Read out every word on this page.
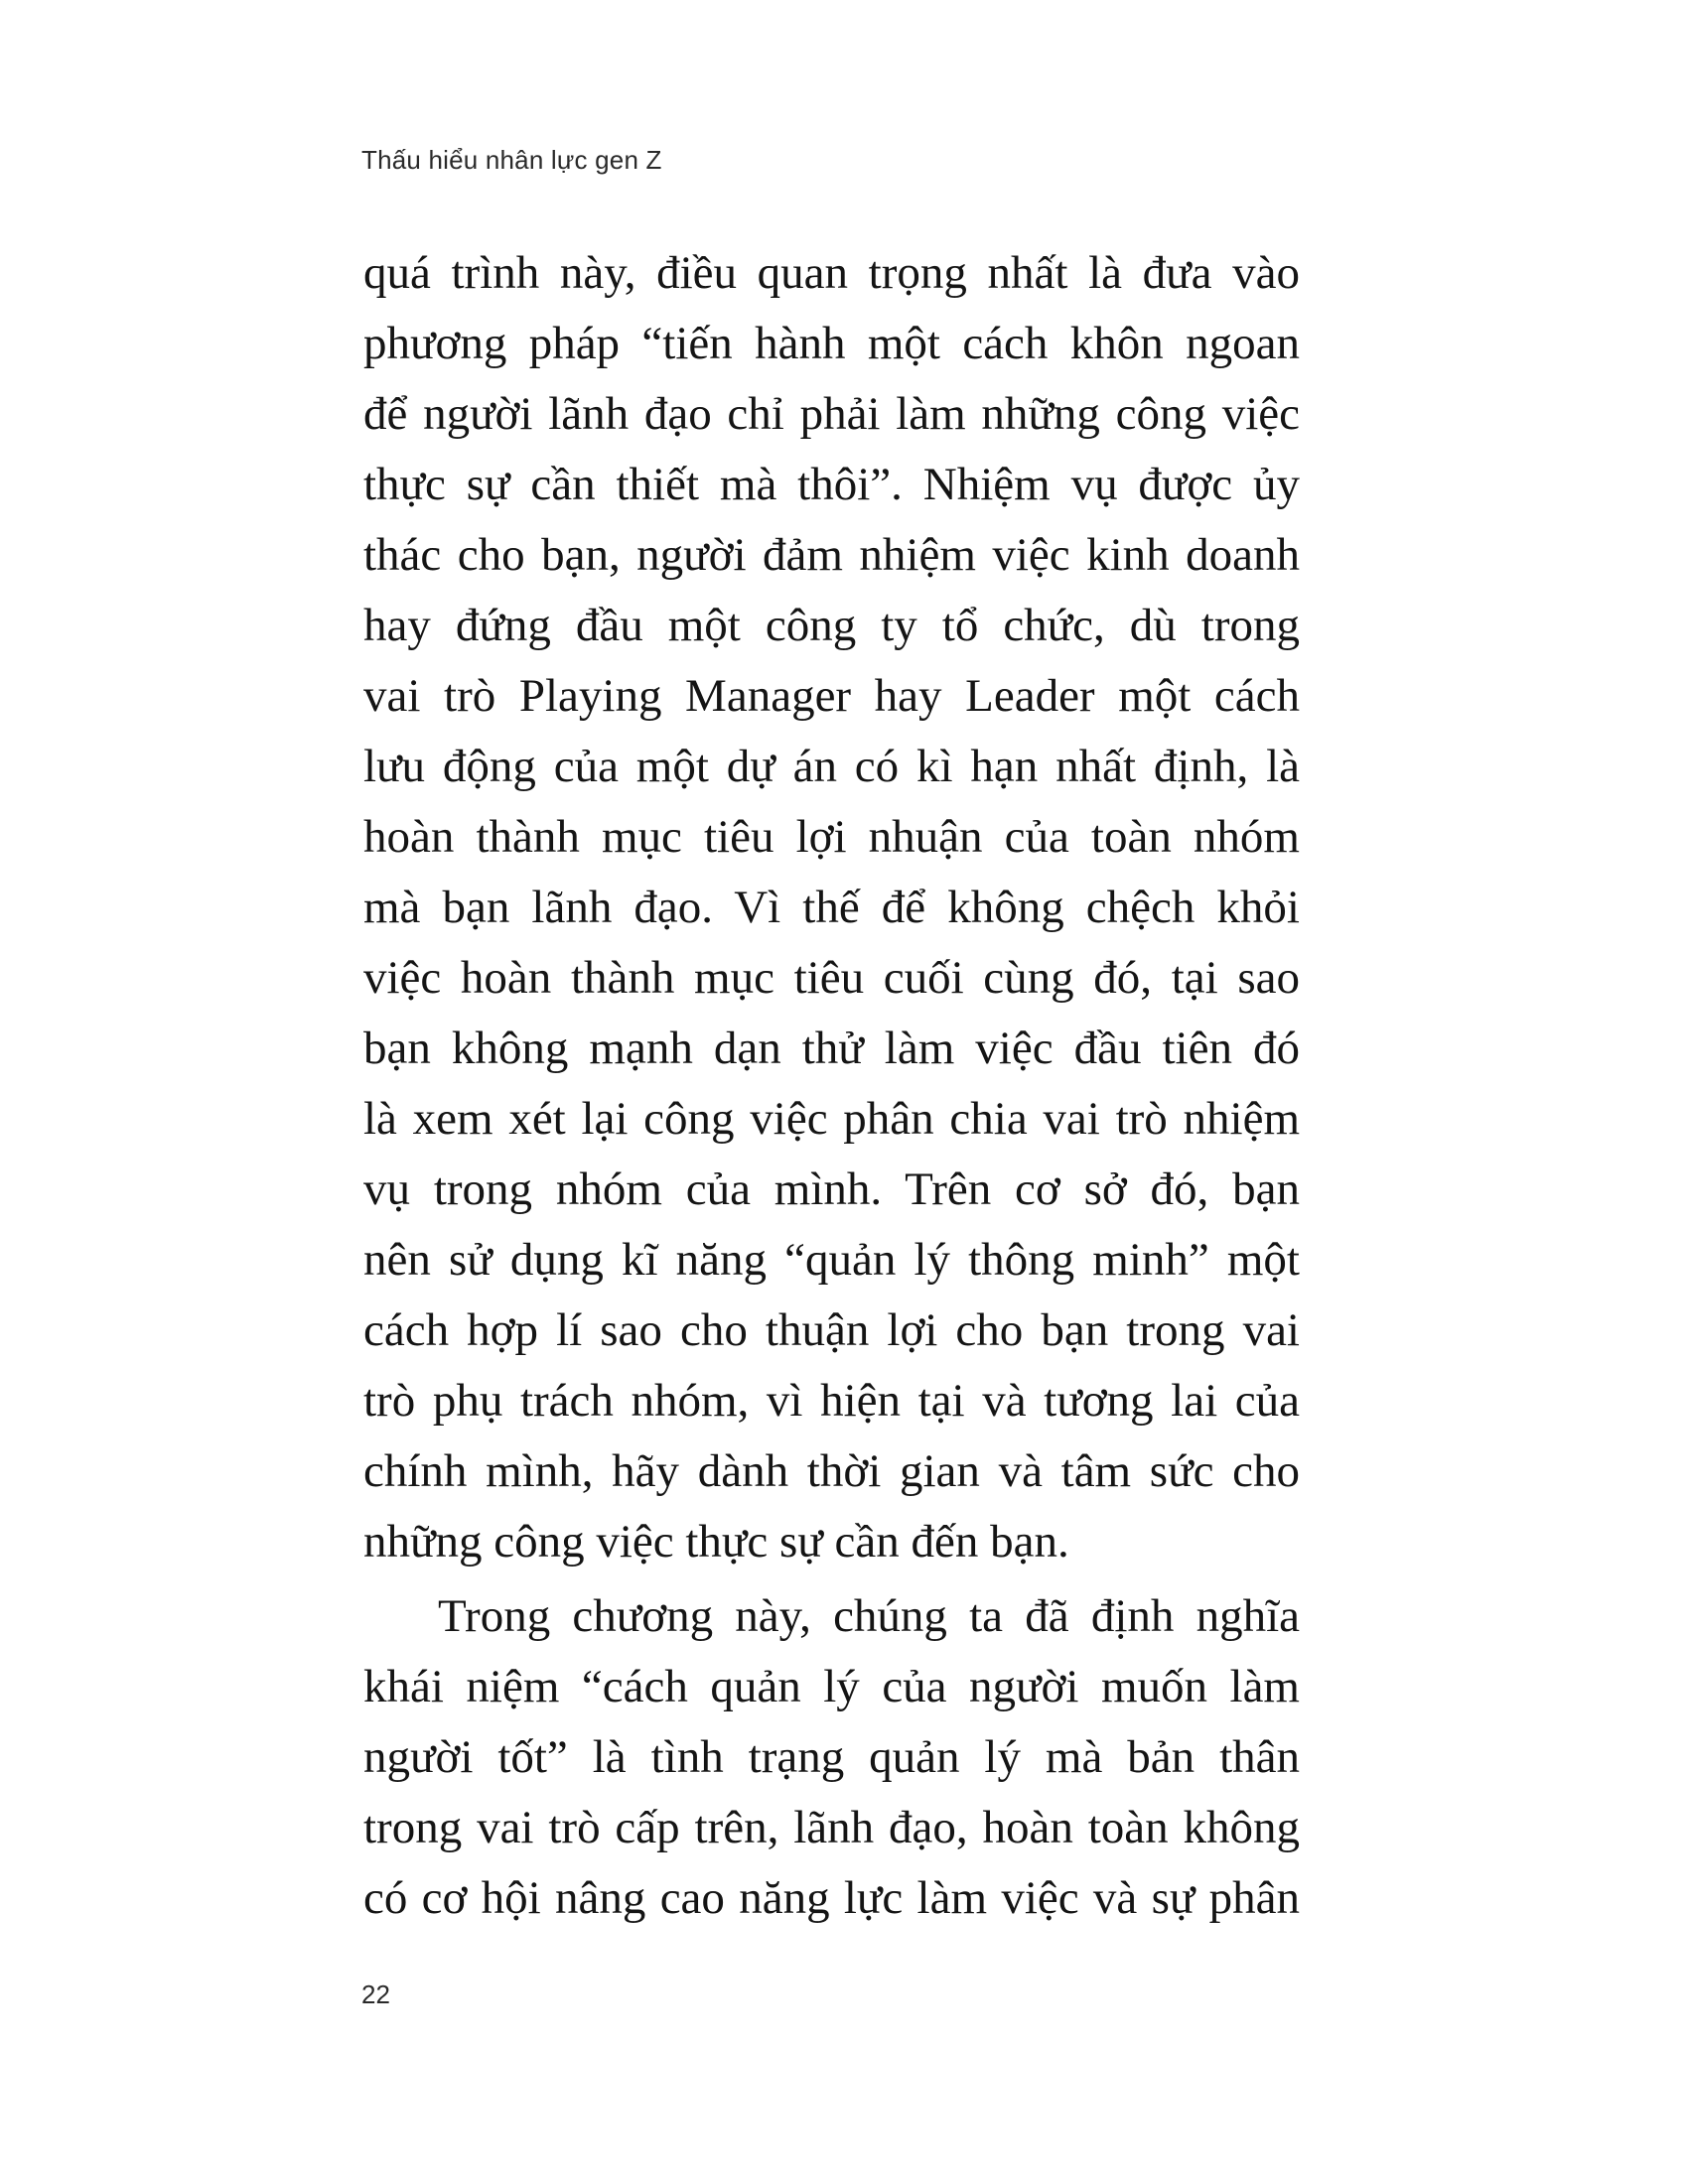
Thấu hiểu nhân lực gen Z
quá trình này, điều quan trọng nhất là đưa vào
phương pháp “tiến hành một cách khôn ngoan
để người lãnh đạo chỉ phải làm những công việc
thực sự cần thiết mà thôi”. Nhiệm vụ được ủy
thác cho bạn, người đảm nhiệm việc kinh doanh
hay đứng đầu một công ty tổ chức, dù trong
vai trò Playing Manager hay Leader một cách
lưu động của một dự án có kì hạn nhất định, là
hoàn thành mục tiêu lợi nhuận của toàn nhóm
mà bạn lãnh đạo. Vì thế để không chệch khỏi
việc hoàn thành mục tiêu cuối cùng đó, tại sao
bạn không mạnh dạn thử làm việc đầu tiên đó
là xem xét lại công việc phân chia vai trò nhiệm
vụ trong nhóm của mình. Trên cơ sở đó, bạn
nên sử dụng kĩ năng “quản lý thông minh” một
cách hợp lí sao cho thuận lợi cho bạn trong vai
trò phụ trách nhóm, vì hiện tại và tương lai của
chính mình, hãy dành thời gian và tâm sức cho
những công việc thực sự cần đến bạn.
Trong chương này, chúng ta đã định nghĩa
khái niệm “cách quản lý của người muốn làm
người tốt” là tình trạng quản lý mà bản thân
trong vai trò cấp trên, lãnh đạo, hoàn toàn không
có cơ hội nâng cao năng lực làm việc và sự phân
22
